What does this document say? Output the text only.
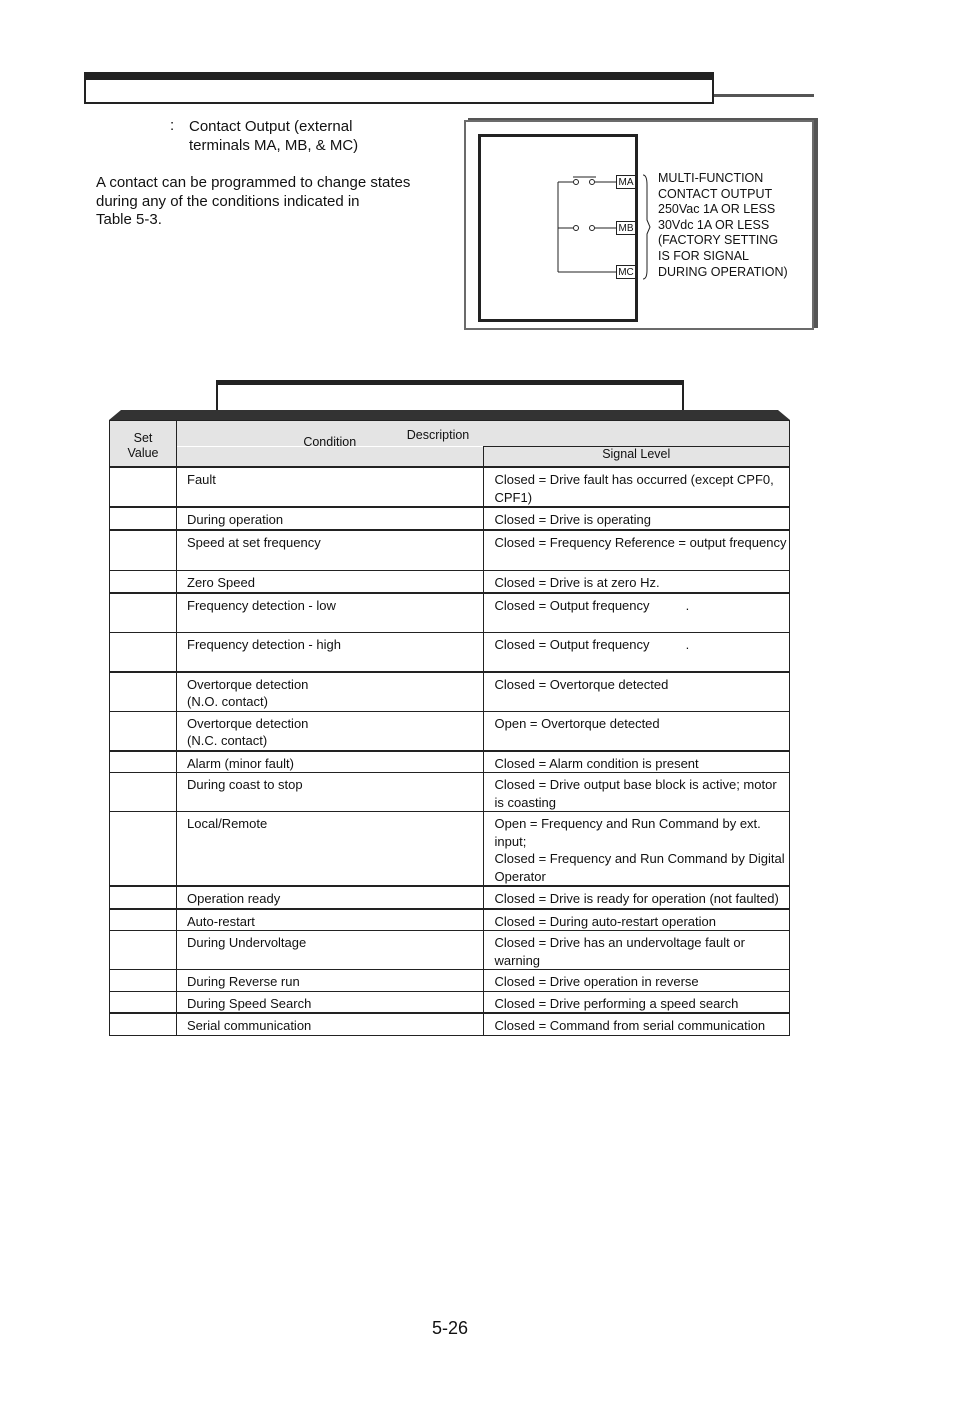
: Contact Output (external
terminals MA, MB, & MC)
A contact can be programmed to change states
during any of the conditions indicated in
Table 5-3.
MA
MB
MC
MULTI-FUNCTION
CONTACT OUTPUT
250Vac 1A OR LESS
30Vdc 1A OR LESS
(FACTORY SETTING
IS FOR SIGNAL
DURING OPERATION)
Set
Value	Description	
	Condition	Signal Level
	Fault	Closed = Drive fault has occurred (except CPF0, CPF1)
	During operation	Closed = Drive is operating
	Speed at set frequency	Closed = Frequency Reference = output frequency
	Zero Speed	Closed = Drive is at zero Hz.
	Frequency detection - low	Closed = Output frequency          .
	Frequency detection - high	Closed = Output frequency          .

	Overtorque detection
(N.O. contact)	Closed = Overtorque detected

	Overtorque detection
(N.C. contact)	Open = Overtorque detected
	Alarm (minor fault)	Closed = Alarm condition is present
	During coast to stop	Closed = Drive output base block is active; motor is coasting
	Local/Remote	Open = Frequency and Run Command by ext. input;
Closed = Frequency and Run Command by Digital Operator

	Operation ready	Closed = Drive is ready for operation (not faulted)
	Auto-restart	Closed = During auto-restart operation
	During Undervoltage	Closed = Drive has an undervoltage fault or warning
	During Reverse run	Closed = Drive operation in reverse
	During Speed Search	Closed = Drive performing a speed search
	Serial communication	Closed = Command from serial communication
5-26
